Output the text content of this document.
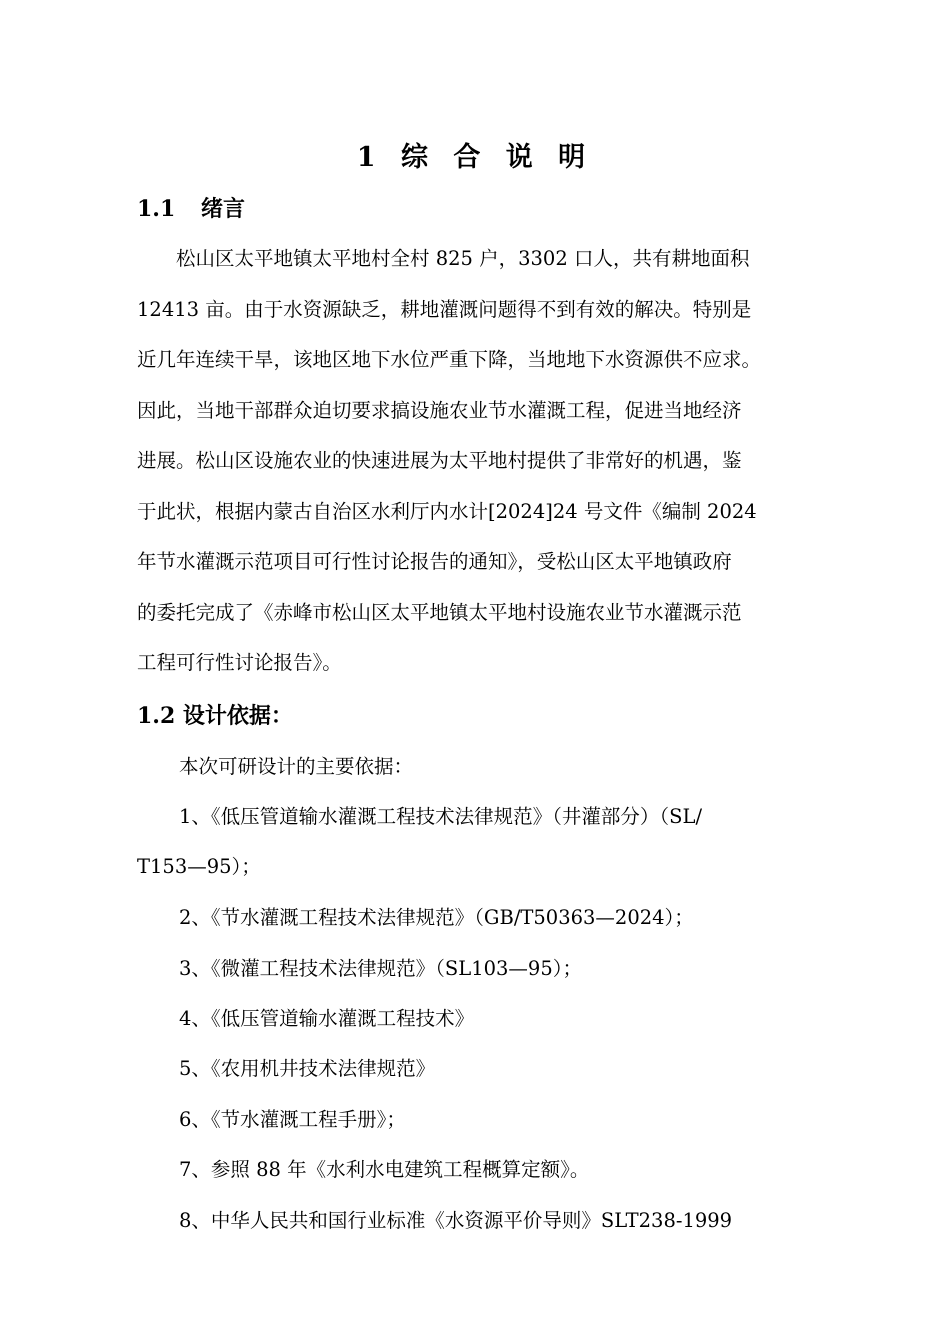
1 综 合 说 明
1.1 绪言
　　松山区太平地镇太平地村全村 825 户，3302 口人，共有耕地面积
12413 亩。由于水资源缺乏，耕地灌溉问题得不到有效的解决。特别是
近几年连续干旱，该地区地下水位严重下降，当地地下水资源供不应求。
因此，当地干部群众迫切要求搞设施农业节水灌溉工程，促进当地经济
进展。松山区设施农业的快速进展为太平地村提供了非常好的机遇，鉴
于此状，根据内蒙古自治区水利厅内水计[2024]24 号文件《编制 2024
年节水灌溉示范项目可行性讨论报告的通知》，受松山区太平地镇政府
的委托完成了《赤峰市松山区太平地镇太平地村设施农业节水灌溉示范
工程可行性讨论报告》。
1.2 设计依据：
本次可研设计的主要依据：
1、《低压管道输水灌溉工程技术法律规范》（井灌部分）（SL/
T153—95）；
2、《节水灌溉工程技术法律规范》（GB/T50363—2024）；
3、《微灌工程技术法律规范》（SL103—95）；
4、《低压管道输水灌溉工程技术》
5、《农用机井技术法律规范》
6、《节水灌溉工程手册》；
7、参照 88 年《水利水电建筑工程概算定额》。
8、中华人民共和国行业标准《水资源平价导则》SLT238-1999
